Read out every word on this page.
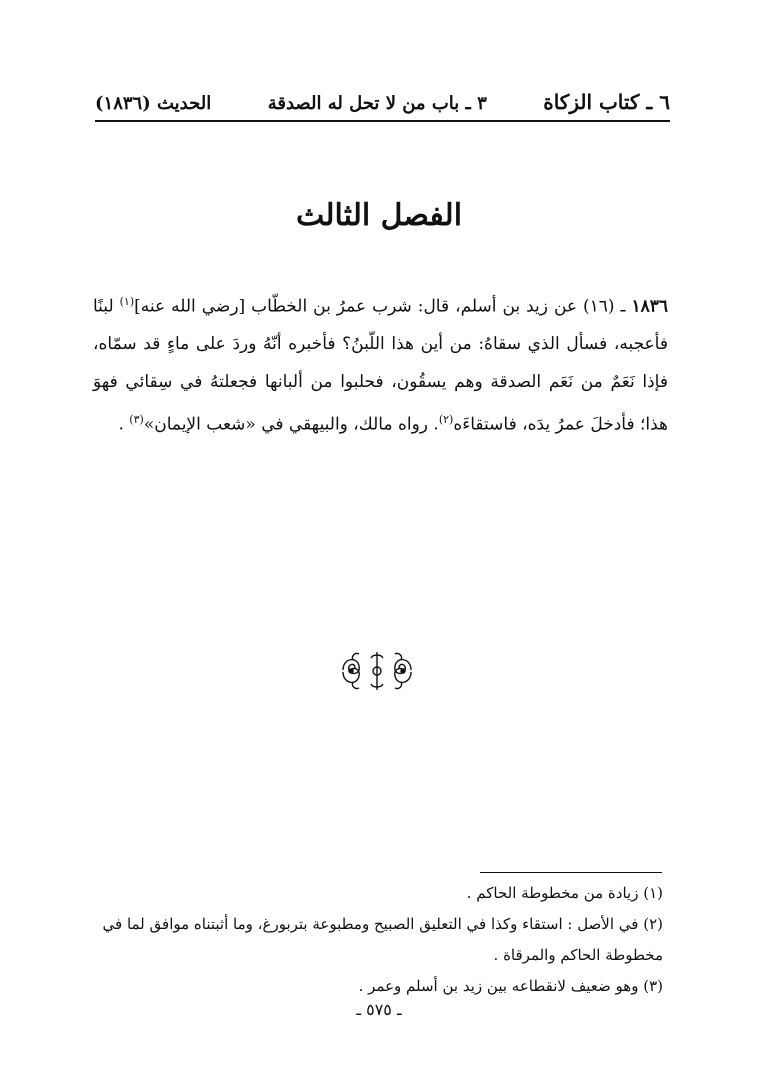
٦ ـ كتاب الزكاة
٣ ـ باب من لا تحل له الصدقة
الحديث (١٨٣٦)
الفصل الثالث
١٨٣٦ ـ (١٦) عن زيد بن أسلم، قال: شرب عمرُ بن الخطّاب [رضي الله عنه]$^{(١)}$ لبنًا فأعجبه، فسأل الذي سقاهُ: من أين هذا اللّبنُ؟ فأخبره أنّهُ وردَ على ماءٍ قد سمّاه، فإذا نَعَمٌ من نَعَم الصدقة وهم يسقُون، فحلبوا من ألبانها فجعلتهُ في سِقائي فهوَ هذا؛ فأدخلَ عمرُ يدَه، فاستقاءَه$^{(٢)}$. رواه مالك، والبيهقي في «شعب الإيمان»$^{(٣)}$ .

(١) زيادة من مخطوطة الحاكم .

(٢) في الأصل : استقاء وكذا في التعليق الصبيح ومطبوعة بتربورغ، وما أثبتناه موافق لما في مخطوطة الحاكم والمرقاة .

(٣) وهو ضعيف لانقطاعه بين زيد بن أسلم وعمر .

ـ ٥٧٥ ـ
